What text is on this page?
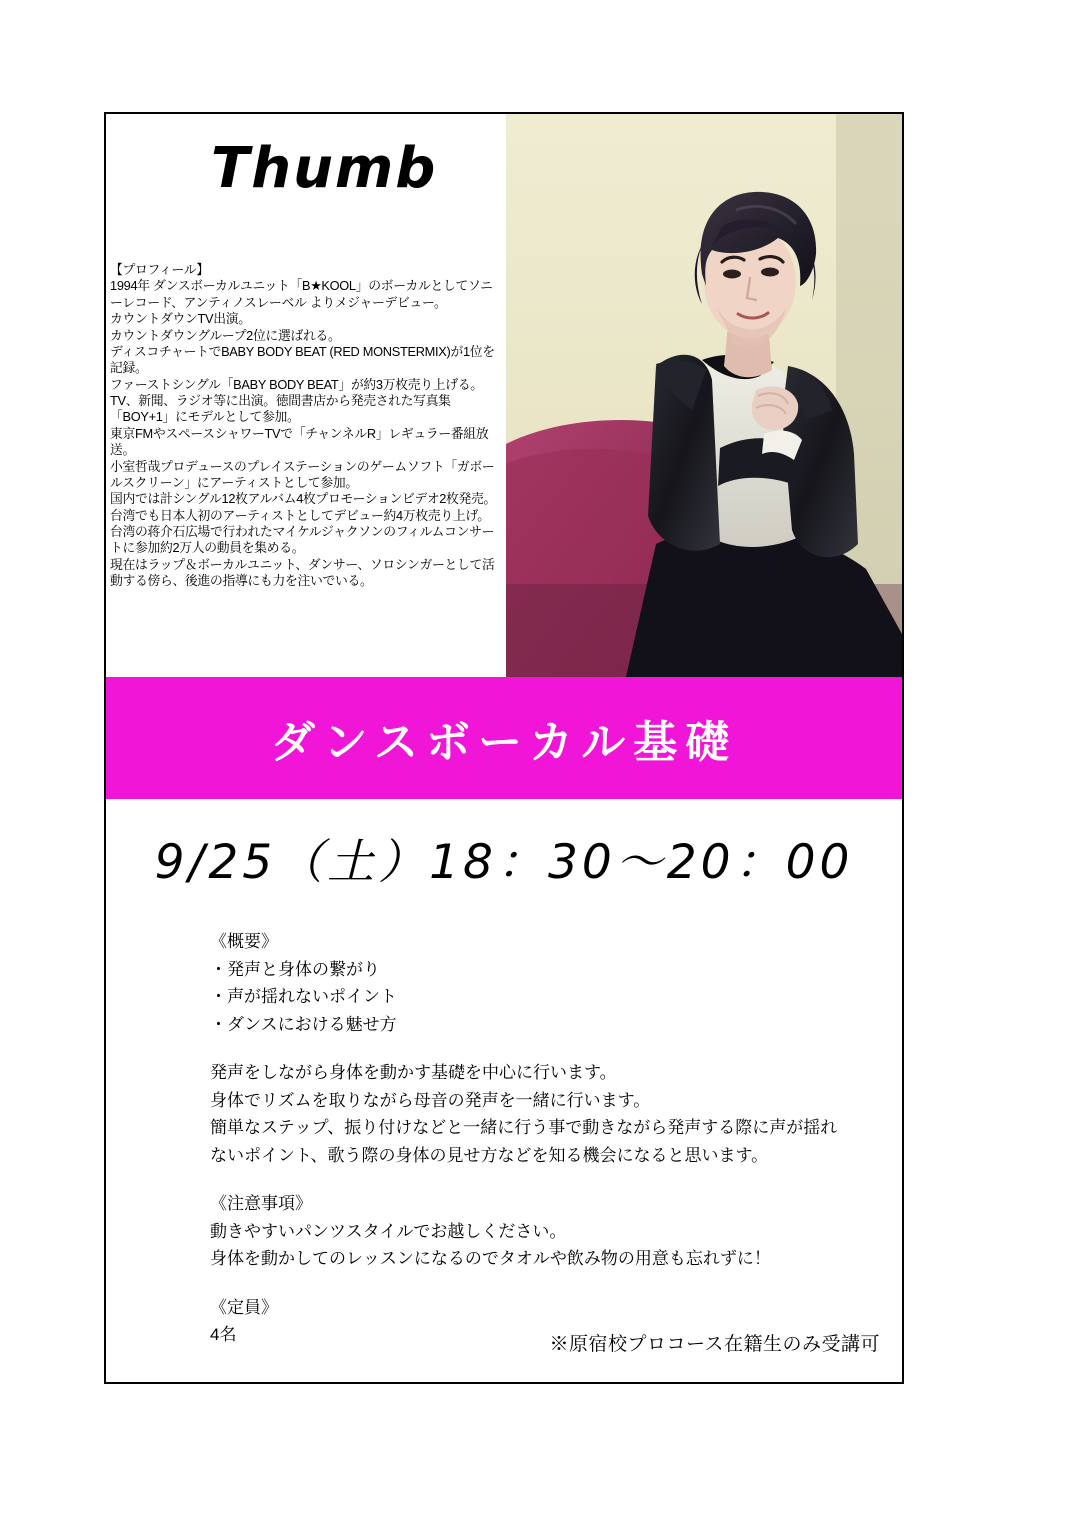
Thumb

【プロフィール】

1994年 ダンスボーカルユニット「B★KOOL」のボーカルとしてソニーレコード、アンティノスレーベル よりメジャーデビュー。

カウントダウンTV出演。

カウントダウングループ2位に選ばれる。

ディスコチャートでBABY BODY BEAT (RED MONSTERMIX)が1位を記録。

ファーストシングル「BABY BODY BEAT」が約3万枚売り上げる。

TV、新聞、ラジオ等に出演。徳間書店から発売された写真集「BOY+1」にモデルとして参加。

東京FMやスペースシャワーTVで「チャンネルR」レギュラー番組放送。

小室哲哉プロデュースのプレイステーションのゲームソフト「ガボールスクリーン」にアーティストとして参加。

国内では計シングル12枚アルバム4枚プロモーションビデオ2枚発売。

台湾でも日本人初のアーティストとしてデビュー約4万枚売り上げ。台湾の蒋介石広場で行われたマイケルジャクソンのフィルムコンサートに参加約2万人の動員を集める。

現在はラップ＆ボーカルユニット、ダンサー、ソロシンガーとして活動する傍ら、後進の指導にも力を注いでいる。

ダンスボーカル基礎
9/25（土）18：30～20：00

《概要》

・発声と身体の繋がり

・声が揺れないポイント

・ダンスにおける魅せ方

発声をしながら身体を動かす基礎を中心に行います。

身体でリズムを取りながら母音の発声を一緒に行います。

簡単なステップ、振り付けなどと一緒に行う事で動きながら発声する際に声が揺れないポイント、歌う際の身体の見せ方などを知る機会になると思います。

《注意事項》

動きやすいパンツスタイルでお越しください。

身体を動かしてのレッスンになるのでタオルや飲み物の用意も忘れずに！

《定員》

4名	※原宿校プロコース在籍生のみ受講可
